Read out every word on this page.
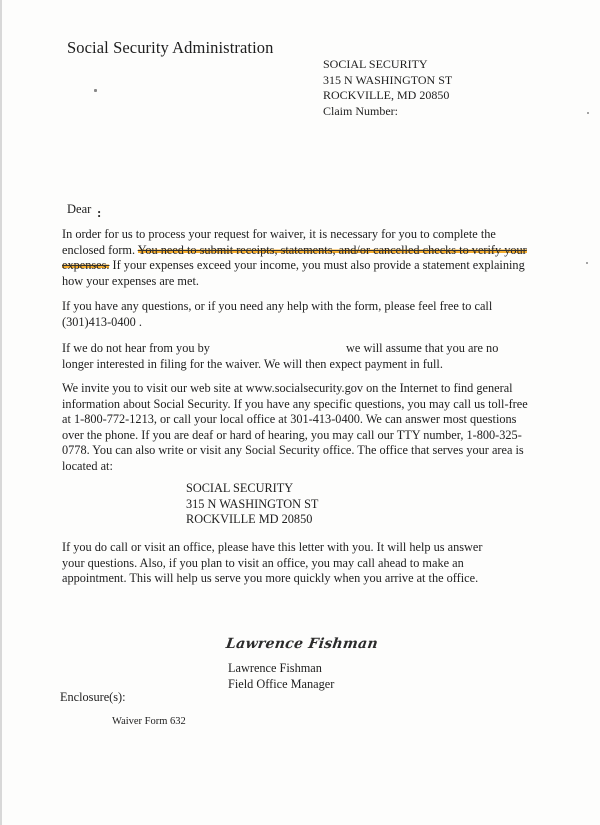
Social Security Administration
SOCIAL SECURITY
315 N WASHINGTON ST
ROCKVILLE, MD 20850
Claim Number:
Dear :

In order for us to process your request for waiver, it is necessary for you to complete the enclosed form. You need to submit receipts, statements, and/or cancelled checks to verify your expenses. If your expenses exceed your income, you must also provide a statement explaining how your expenses are met.

If you have any questions, or if you need any help with the form, please feel free to call (301)413-0400 .

If we do not hear from you by	we will assume that you are no longer interested in filing for the waiver. We will then expect payment in full.

We invite you to visit our web site at www.socialsecurity.gov on the Internet to find general information about Social Security. If you have any specific questions, you may call us toll-free at 1-800-772-1213, or call your local office at 301-413-0400. We can answer most questions over the phone. If you are deaf or hard of hearing, you may call our TTY number, 1-800-325-0778. You can also write or visit any Social Security office. The office that serves your area is located at:

SOCIAL SECURITY
315 N WASHINGTON ST
ROCKVILLE MD 20850

If you do call or visit an office, please have this letter with you. It will help us answer your questions. Also, if you plan to visit an office, you may call ahead to make an appointment. This will help us serve you more quickly when you arrive at the office.

Lawrence Fishman
Lawrence Fishman
Field Office Manager
Enclosure(s):
Waiver Form 632
